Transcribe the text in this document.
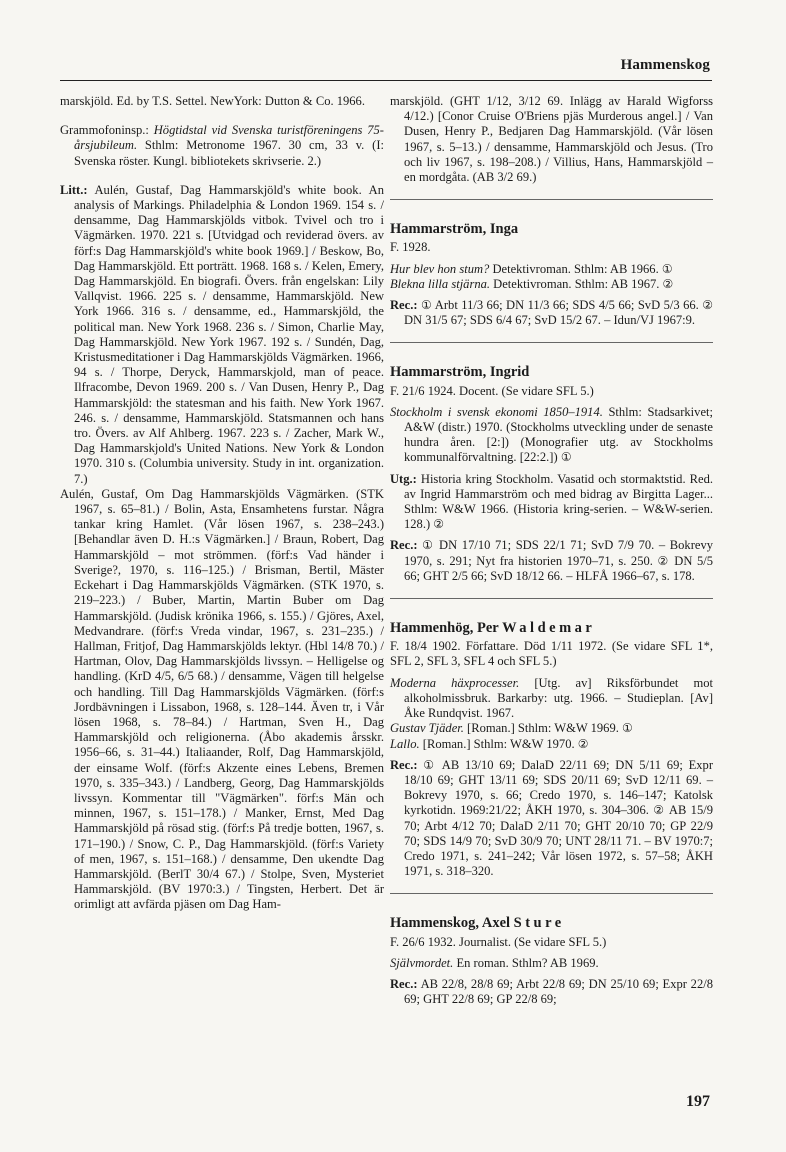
Hammenskog

marskjöld. Ed. by T.S. Settel. NewYork: Dutton & Co. 1966.

Grammofoninsp.: Högtidstal vid Svenska turistföreningens 75-årsjubileum. Sthlm: Metronome 1967. 30 cm, 33 v. (I: Svenska röster. Kungl. bibliotekets skrivserie. 2.)

Litt.: Aulén, Gustaf, Dag Hammarskjöld's white book. An analysis of Markings. Philadelphia & London 1969. 154 s. / densamme, Dag Hammarskjölds vitbok. Tvivel och tro i Vägmärken. 1970. 221 s. [Utvidgad och reviderad övers. av förf:s Dag Hammarskjöld's white book 1969.] / Beskow, Bo, Dag Hammarskjöld. Ett porträtt. 1968. 168 s. / Kelen, Emery, Dag Hammarskjöld. En biografi. Övers. från engelskan: Lily Vallqvist. 1966. 225 s. / densamme, Hammarskjöld. New York 1966. 316 s. / densamme, ed., Hammarskjöld, the political man. New York 1968. 236 s. / Simon, Charlie May, Dag Hammarskjöld. New York 1967. 192 s. / Sundén, Dag, Kristusmeditationer i Dag Hammarskjölds Vägmärken. 1966, 94 s. / Thorpe, Deryck, Hammarskjold, man of peace. Ilfracombe, Devon 1969. 200 s. / Van Dusen, Henry P., Dag Hammarskjöld: the statesman and his faith. New York 1967. 246. s. / densamme, Hammarskjöld. Statsmannen och hans tro. Övers. av Alf Ahlberg. 1967. 223 s. / Zacher, Mark W., Dag Hammarskjold's United Nations. New York & London 1970. 310 s. (Columbia university. Study in int. organization. 7.)

Aulén, Gustaf, Om Dag Hammarskjölds Vägmärken. (STK 1967, s. 65–81.) / Bolin, Asta, Ensamhetens furstar. Några tankar kring Hamlet. (Vår lösen 1967, s. 238–243.) [Behandlar även D. H.:s Vägmärken.] / Braun, Robert, Dag Hammarskjöld – mot strömmen. (förf:s Vad händer i Sverige?, 1970, s. 116–125.) / Brisman, Bertil, Mäster Eckehart i Dag Hammarskjölds Vägmärken. (STK 1970, s. 219–223.) / Buber, Martin, Martin Buber om Dag Hammarskjöld. (Judisk krönika 1966, s. 155.) / Gjöres, Axel, Medvandrare. (förf:s Vreda vindar, 1967, s. 231–235.) / Hallman, Fritjof, Dag Hammarskjölds lektyr. (Hbl 14/8 70.) / Hartman, Olov, Dag Hammarskjölds livssyn. – Helligelse og handling. (KrD 4/5, 6/5 68.) / densamme, Vägen till helgelse och handling. Till Dag Hammarskjölds Vägmärken. (förf:s Jordbävningen i Lissabon, 1968, s. 128–144. Även tr, i Vår lösen 1968, s. 78–84.) / Hartman, Sven H., Dag Hammarskjöld och religionerna. (Åbo akademis årsskr. 1956–66, s. 31–44.) Italiaander, Rolf, Dag Hammarskjöld, der einsame Wolf. (förf:s Akzente eines Lebens, Bremen 1970, s. 335–343.) / Landberg, Georg, Dag Hammarskjölds livssyn. Kommentar till "Vägmärken". förf:s Män och minnen, 1967, s. 151–178.) / Manker, Ernst, Med Dag Hammarskjöld på rösad stig. (förf:s På tredje botten, 1967, s. 171–190.) / Snow, C. P., Dag Hammarskjöld. (förf:s Variety of men, 1967, s. 151–168.) / densamme, Den ukendte Dag Hammarskjöld. (BerlT 30/4 67.) / Stolpe, Sven, Mysteriet Hammarskjöld. (BV 1970:3.) / Tingsten, Herbert. Det är orimligt att avfärda pjäsen om Dag Ham-

marskjöld. (GHT 1/12, 3/12 69. Inlägg av Harald Wigforss 4/12.) [Conor Cruise O'Briens pjäs Murderous angel.] / Van Dusen, Henry P., Bedjaren Dag Hammarskjöld. (Vår lösen 1967, s. 5–13.) / densamme, Hammarskjöld och Jesus. (Tro och liv 1967, s. 198–208.) / Villius, Hans, Hammarskjöld – en mordgåta. (AB 3/2 69.)

Hammarström, Inga

F. 1928.

Hur blev hon stum? Detektivroman. Sthlm: AB 1966. ①

Blekna lilla stjärna. Detektivroman. Sthlm: AB 1967. ②

Rec.: ① Arbt 11/3 66; DN 11/3 66; SDS 4/5 66; SvD 5/3 66. ② DN 31/5 67; SDS 6/4 67; SvD 15/2 67. – Idun/VJ 1967:9.

Hammarström, Ingrid

F. 21/6 1924. Docent. (Se vidare SFL 5.)

Stockholm i svensk ekonomi 1850–1914. Sthlm: Stadsarkivet; A&W (distr.) 1970. (Stockholms utveckling under de senaste hundra åren. [2:]) (Monografier utg. av Stockholms kommunalförvaltning. [22:2.]) ①

Utg.: Historia kring Stockholm. Vasatid och stormaktstid. Red. av Ingrid Hammarström och med bidrag av Birgitta Lager... Sthlm: W&W 1966. (Historia kring-serien. – W&W-serien. 128.) ②

Rec.: ① DN 17/10 71; SDS 22/1 71; SvD 7/9 70. – Bokrevy 1970, s. 291; Nyt fra historien 1970–71, s. 250. ② DN 5/5 66; GHT 2/5 66; SvD 18/12 66. – HLFÅ 1966–67, s. 178.

Hammenhög, Per Waldemar

F. 18/4 1902. Författare. Död 1/11 1972. (Se vidare SFL 1*, SFL 2, SFL 3, SFL 4 och SFL 5.)

Moderna häxprocesser. [Utg. av] Riksförbundet mot alkoholmissbruk. Barkarby: utg. 1966. – Studieplan. [Av] Åke Rundqvist. 1967.

Gustav Tjäder. [Roman.] Sthlm: W&W 1969. ①

Lallo. [Roman.] Sthlm: W&W 1970. ②

Rec.: ① AB 13/10 69; DalaD 22/11 69; DN 5/11 69; Expr 18/10 69; GHT 13/11 69; SDS 20/11 69; SvD 12/11 69. – Bokrevy 1970, s. 66; Credo 1970, s. 146–147; Katolsk kyrkotidn. 1969:21/22; ÅKH 1970, s. 304–306. ② AB 15/9 70; Arbt 4/12 70; DalaD 2/11 70; GHT 20/10 70; GP 22/9 70; SDS 14/9 70; SvD 30/9 70; UNT 28/11 71. – BV 1970:7; Credo 1971, s. 241–242; Vår lösen 1972, s. 57–58; ÅKH 1971, s. 318–320.

Hammenskog, Axel Sture

F. 26/6 1932. Journalist. (Se vidare SFL 5.)

Självmordet. En roman. Sthlm? AB 1969.

Rec.: AB 22/8, 28/8 69; Arbt 22/8 69; DN 25/10 69; Expr 22/8 69; GHT 22/8 69; GP 22/8 69;

197
